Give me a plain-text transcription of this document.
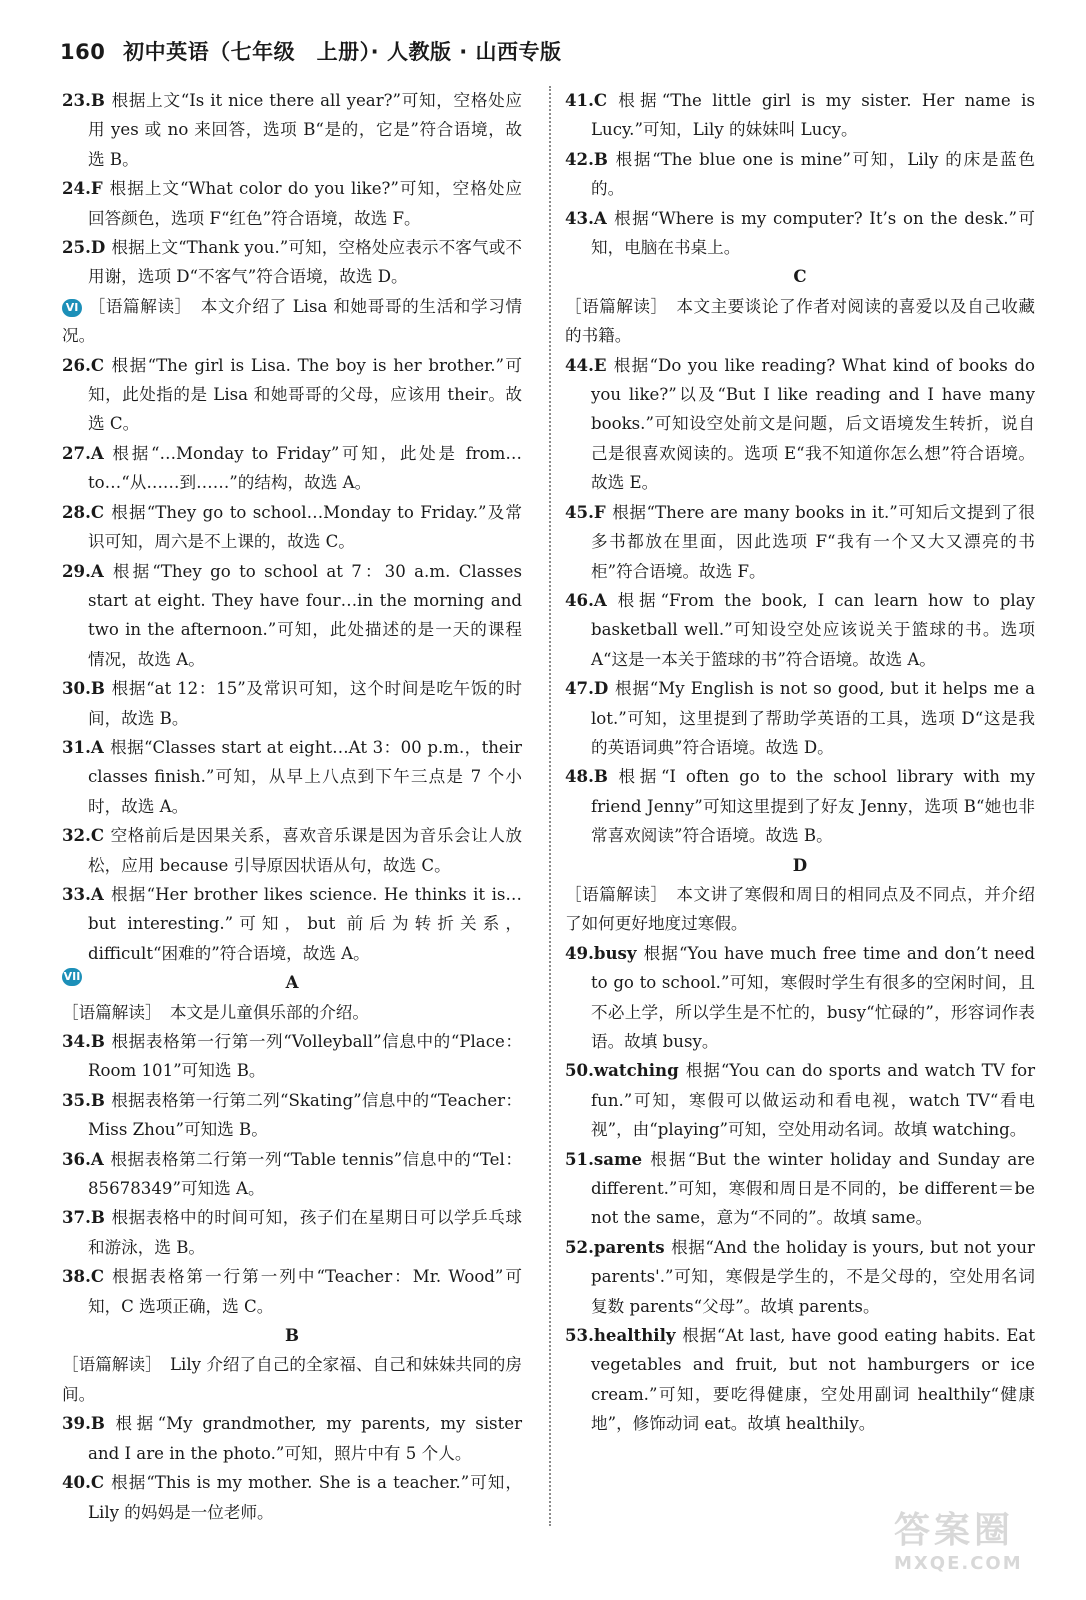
160 初中英语（七年级　上册）· 人教版 · 山西专版

23.B 根据上文“Is it nice there all year?”可知，空格处应用 yes 或 no 来回答，选项 B“是的，它是”符合语境，故选 B。

24.F 根据上文“What color do you like?”可知，空格处应回答颜色，选项 F“红色”符合语境，故选 F。

25.D 根据上文“Thank you.”可知，空格处应表示不客气或不用谢，选项 D“不客气”符合语境，故选 D。

VI ［语篇解读］　本文介绍了 Lisa 和她哥哥的生活和学习情况。

26.C 根据“The girl is Lisa. The boy is her brother.”可知，此处指的是 Lisa 和她哥哥的父母，应该用 their。故选 C。

27.A 根据“…Monday to Friday”可知，此处是 from…to…“从……到……”的结构，故选 A。

28.C 根据“They go to school…Monday to Friday.”及常识可知，周六是不上课的，故选 C。

29.A 根据“They go to school at 7：30 a.m. Classes start at eight. They have four…in the morning and two in the afternoon.”可知，此处描述的是一天的课程情况，故选 A。

30.B 根据“at 12：15”及常识可知，这个时间是吃午饭的时间，故选 B。

31.A 根据“Classes start at eight…At 3：00 p.m.，their classes finish.”可知，从早上八点到下午三点是 7 个小时，故选 A。

32.C 空格前后是因果关系，喜欢音乐课是因为音乐会让人放松，应用 because 引导原因状语从句，故选 C。

33.A 根据“Her brother likes science. He thinks it is…but interesting.”可知，but 前后为转折关系，difficult“困难的”符合语境，故选 A。

VII	A

［语篇解读］　本文是儿童俱乐部的介绍。

34.B 根据表格第一行第一列“Volleyball”信息中的“Place：Room 101”可知选 B。

35.B 根据表格第一行第二列“Skating”信息中的“Teacher：Miss Zhou”可知选 B。

36.A 根据表格第二行第一列“Table tennis”信息中的“Tel：85678349”可知选 A。

37.B 根据表格中的时间可知，孩子们在星期日可以学乒乓球和游泳，选 B。

38.C 根据表格第一行第一列中“Teacher：Mr. Wood”可知，C 选项正确，选 C。

B

［语篇解读］　Lily 介绍了自己的全家福、自己和妹妹共同的房间。

39.B 根据“My grandmother, my parents, my sister and I are in the photo.”可知，照片中有 5 个人。

40.C 根据“This is my mother. She is a teacher.”可知，Lily 的妈妈是一位老师。

41.C 根据“The little girl is my sister. Her name is Lucy.”可知，Lily 的妹妹叫 Lucy。

42.B 根据“The blue one is mine”可知，Lily 的床是蓝色的。

43.A 根据“Where is my computer? It’s on the desk.”可知，电脑在书桌上。

C

［语篇解读］　本文主要谈论了作者对阅读的喜爱以及自己收藏的书籍。

44.E 根据“Do you like reading? What kind of books do you like?”以及“But I like reading and I have many books.”可知设空处前文是问题，后文语境发生转折，说自己是很喜欢阅读的。选项 E“我不知道你怎么想”符合语境。故选 E。

45.F 根据“There are many books in it.”可知后文提到了很多书都放在里面，因此选项 F“我有一个又大又漂亮的书柜”符合语境。故选 F。

46.A 根据“From the book, I can learn how to play basketball well.”可知设空处应该说关于篮球的书。选项 A“这是一本关于篮球的书”符合语境。故选 A。

47.D 根据“My English is not so good, but it helps me a lot.”可知，这里提到了帮助学英语的工具，选项 D“这是我的英语词典”符合语境。故选 D。

48.B 根据“I often go to the school library with my friend Jenny”可知这里提到了好友 Jenny，选项 B“她也非常喜欢阅读”符合语境。故选 B。

D

［语篇解读］　本文讲了寒假和周日的相同点及不同点，并介绍了如何更好地度过寒假。

49.busy 根据“You have much free time and don’t need to go to school.”可知，寒假时学生有很多的空闲时间，且不必上学，所以学生是不忙的，busy“忙碌的”，形容词作表语。故填 busy。

50.watching 根据“You can do sports and watch TV for fun.”可知，寒假可以做运动和看电视，watch TV“看电视”，由“playing”可知，空处用动名词。故填 watching。

51.same 根据“But the winter holiday and Sunday are different.”可知，寒假和周日是不同的，be different＝be not the same，意为“不同的”。故填 same。

52.parents 根据“And the holiday is yours, but not your parents'.”可知，寒假是学生的，不是父母的，空处用名词复数 parents“父母”。故填 parents。

53.healthily 根据“At last, have good eating habits. Eat vegetables and fruit, but not hamburgers or ice cream.”可知，要吃得健康，空处用副词 healthily“健康地”，修饰动词 eat。故填 healthily。

答案圈
MXQE.COM
